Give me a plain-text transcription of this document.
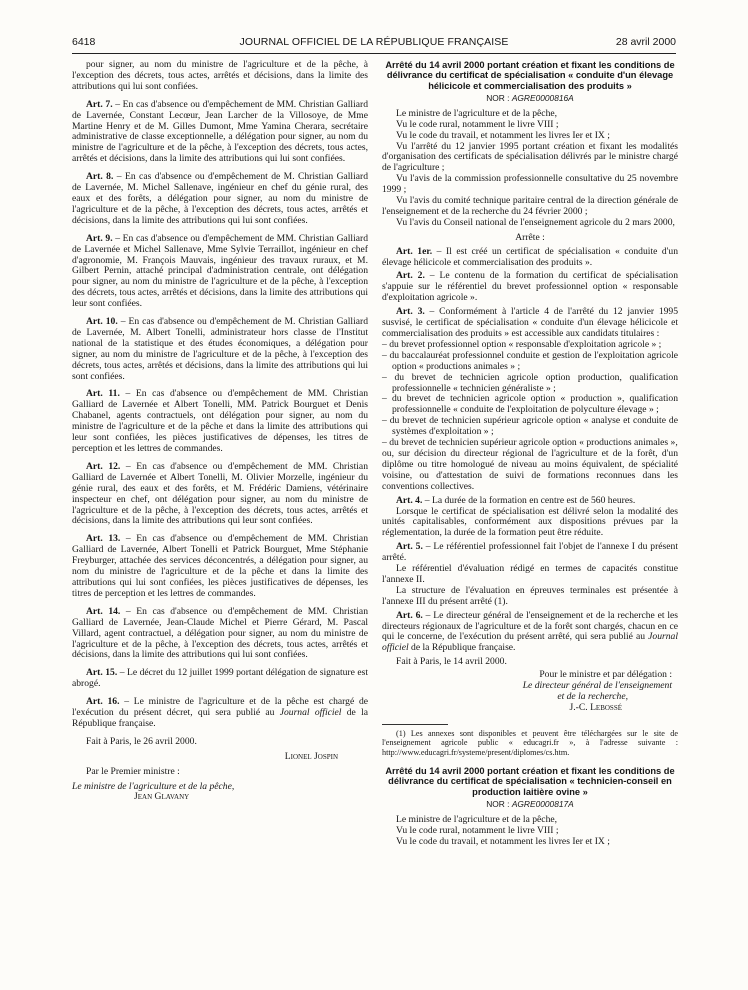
6418	JOURNAL OFFICIEL DE LA RÉPUBLIQUE FRANÇAISE	28 avril 2000

pour signer, au nom du ministre de l'agriculture et de la pêche, à l'exception des décrets, tous actes, arrêtés et décisions, dans la limite des attributions qui lui sont confiées.

Art. 7. – En cas d'absence ou d'empêchement de MM. Christian Galliard de Lavernée, Constant Lecœur, Jean Larcher de la Villosoye, de Mme Martine Henry et de M. Gilles Dumont, Mme Yamina Cherara, secrétaire administrative de classe exceptionnelle, a délégation pour signer, au nom du ministre de l'agriculture et de la pêche, à l'exception des décrets, tous actes, arrêtés et décisions, dans la limite des attributions qui lui sont confiées.

Art. 8. – En cas d'absence ou d'empêchement de M. Christian Galliard de Lavernée, M. Michel Sallenave, ingénieur en chef du génie rural, des eaux et des forêts, a délégation pour signer, au nom du ministre de l'agriculture et de la pêche, à l'exception des décrets, tous actes, arrêtés et décisions, dans la limite des attributions qui lui sont confiées.

Art. 9. – En cas d'absence ou d'empêchement de MM. Christian Galliard de Lavernée et Michel Sallenave, Mme Sylvie Terraillot, ingénieur en chef d'agronomie, M. François Mauvais, ingénieur des travaux ruraux, et M. Gilbert Pernin, attaché principal d'administration centrale, ont délégation pour signer, au nom du ministre de l'agriculture et de la pêche, à l'exception des décrets, tous actes, arrêtés et décisions, dans la limite des attributions qui leur sont confiées.

Art. 10. – En cas d'absence ou d'empêchement de M. Christian Galliard de Lavernée, M. Albert Tonelli, administrateur hors classe de l'Institut national de la statistique et des études économiques, a délégation pour signer, au nom du ministre de l'agriculture et de la pêche, à l'exception des décrets, tous actes, arrêtés et décisions, dans la limite des attributions qui lui sont confiées.

Art. 11. – En cas d'absence ou d'empêchement de MM. Christian Galliard de Lavernée et Albert Tonelli, MM. Patrick Bourguet et Denis Chabanel, agents contractuels, ont délégation pour signer, au nom du ministre de l'agriculture et de la pêche et dans la limite des attributions qui leur sont confiées, les pièces justificatives de dépenses, les titres de perception et les lettres de commandes.

Art. 12. – En cas d'absence ou d'empêchement de MM. Christian Galliard de Lavernée et Albert Tonelli, M. Olivier Morzelle, ingénieur du génie rural, des eaux et des forêts, et M. Frédéric Damiens, vétérinaire inspecteur en chef, ont délégation pour signer, au nom du ministre de l'agriculture et de la pêche, à l'exception des décrets, tous actes, arrêtés et décisions, dans la limite des attributions qui leur sont confiées.

Art. 13. – En cas d'absence ou d'empêchement de MM. Christian Galliard de Lavernée, Albert Tonelli et Patrick Bourguet, Mme Stéphanie Freyburger, attachée des services déconcentrés, a délégation pour signer, au nom du ministre de l'agriculture et de la pêche et dans la limite des attributions qui lui sont confiées, les pièces justificatives de dépenses, les titres de perception et les lettres de commandes.

Art. 14. – En cas d'absence ou d'empêchement de MM. Christian Galliard de Lavernée, Jean-Claude Michel et Pierre Gérard, M. Pascal Villard, agent contractuel, a délégation pour signer, au nom du ministre de l'agriculture et de la pêche, à l'exception des décrets, tous actes, arrêtés et décisions, dans la limite des attributions qui lui sont confiées.

Art. 15. – Le décret du 12 juillet 1999 portant délégation de signature est abrogé.

Art. 16. – Le ministre de l'agriculture et de la pêche est chargé de l'exécution du présent décret, qui sera publié au Journal officiel de la République française.

Fait à Paris, le 26 avril 2000.

Lionel Jospin

Par le Premier ministre :

Le ministre de l'agriculture et de la pêche,

Jean Glavany

Arrêté du 14 avril 2000 portant création et fixant les conditions de délivrance du certificat de spécialisation « conduite d'un élevage hélicicole et commercialisation des produits »

NOR : AGRE0000816A

Le ministre de l'agriculture et de la pêche,

Vu le code rural, notamment le livre VIII ;

Vu le code du travail, et notamment les livres Ier et IX ;

Vu l'arrêté du 12 janvier 1995 portant création et fixant les modalités d'organisation des certificats de spécialisation délivrés par le ministre chargé de l'agriculture ;

Vu l'avis de la commission professionnelle consultative du 25 novembre 1999 ;

Vu l'avis du comité technique paritaire central de la direction générale de l'enseignement et de la recherche du 24 février 2000 ;

Vu l'avis du Conseil national de l'enseignement agricole du 2 mars 2000,

Arrête :

Art. 1er. – Il est créé un certificat de spécialisation « conduite d'un élevage hélicicole et commercialisation des produits ».

Art. 2. – Le contenu de la formation du certificat de spécialisation s'appuie sur le référentiel du brevet professionnel option « responsable d'exploitation agricole ».

Art. 3. – Conformément à l'article 4 de l'arrêté du 12 janvier 1995 susvisé, le certificat de spécialisation « conduite d'un élevage hélicicole et commercialisation des produits » est accessible aux candidats titulaires :

– du brevet professionnel option « responsable d'exploitation agricole » ;

– du baccalauréat professionnel conduite et gestion de l'exploitation agricole option « productions animales » ;

– du brevet de technicien agricole option production, qualification professionnelle « technicien généraliste » ;

– du brevet de technicien agricole option « production », qualification professionnelle « conduite de l'exploitation de polyculture élevage » ;

– du brevet de technicien supérieur agricole option « analyse et conduite de systèmes d'exploitation » ;

– du brevet de technicien supérieur agricole option « productions animales »,

ou, sur décision du directeur régional de l'agriculture et de la forêt, d'un diplôme ou titre homologué de niveau au moins équivalent, de spécialité voisine, ou d'attestation de suivi de formations reconnues dans les conventions collectives.

Art. 4. – La durée de la formation en centre est de 560 heures.

Lorsque le certificat de spécialisation est délivré selon la modalité des unités capitalisables, conformément aux dispositions prévues par la réglementation, la durée de la formation peut être réduite.

Art. 5. – Le référentiel professionnel fait l'objet de l'annexe I du présent arrêté.

Le référentiel d'évaluation rédigé en termes de capacités constitue l'annexe II.

La structure de l'évaluation en épreuves terminales est présentée à l'annexe III du présent arrêté (1).

Art. 6. – Le directeur général de l'enseignement et de la recherche et les directeurs régionaux de l'agriculture et de la forêt sont chargés, chacun en ce qui le concerne, de l'exécution du présent arrêté, qui sera publié au Journal officiel de la République française.

Fait à Paris, le 14 avril 2000.

Pour le ministre et par délégation :

Le directeur général de l'enseignement

et de la recherche,

J.-C. Lebossé

(1) Les annexes sont disponibles et peuvent être téléchargées sur le site de l'enseignement agricole public « educagri.fr », à l'adresse suivante : http://www.educagri.fr/systeme/present/diplomes/cs.htm.

Arrêté du 14 avril 2000 portant création et fixant les conditions de délivrance du certificat de spécialisation « technicien-conseil en production laitière ovine »

NOR : AGRE0000817A

Le ministre de l'agriculture et de la pêche,

Vu le code rural, notamment le livre VIII ;

Vu le code du travail, et notamment les livres Ier et IX ;
